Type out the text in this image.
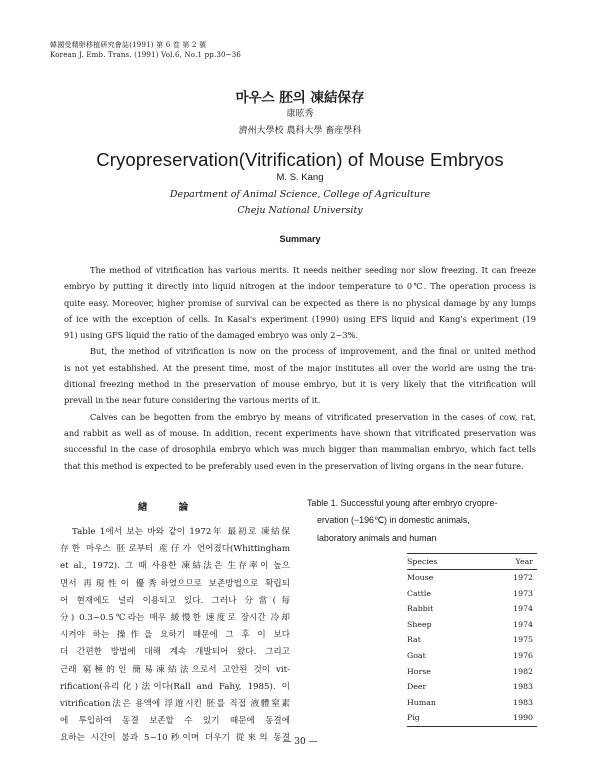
韓國受精卵移植硏究會誌(1991) 第 6 卷 第 2 號
Korean J. Emb. Trans. (1991) Vol.6, No.1 pp.30~36
마우스 胚의 凍結保存
康昡秀
濟州大學校 農科大學 畜産學科
Cryopreservation(Vitrification) of Mouse Embryos
M. S. Kang
Department of Animal Science, College of Agriculture
Cheju National University
Summary
The method of vitrification has various merits. It needs neither seeding nor slow freezing. It can freeze
embryo by putting it directly into liquid nitrogen at the indoor temperature to 0℃. The operation process is
quite easy. Moreover, higher promise of survival can be expected as there is no physical damage by any lumps
of ice with the exception of cells. In Kasal's experiment (1990) using EFS liquid and Kang's experiment (19
91) using GFS liquid the ratio of the damaged embryo was only 2~3%.
But, the method of vitrification is now on the process of improvement, and the final or united method
is not yet established. At the present time, most of the major institutes all over the world are using the tra-
ditional freezing method in the preservation of mouse embryo, but it is very likely that the vitrification will
prevall in the near future considering the various merits of it.
Calves can be begotten from the embryo by means of vitrificated preservation in the cases of cow, rat,
and rabbit as well as of mouse. In addition, recent experiments have shown that vitrificated preservation was
successful in the case of drosophila embryo which was much bigger than mammalian embryo, which fact tells
that this method is expected to be preferably used even in the preservation of living organs in the near future.
緖 論
Table 1에서 보는 바와 같이 1972年 最初로 凍結保
存한 마우스 胚로부터 産仔가 언어졌다(Whittingham
et al., 1972). 그 때 사용한 凍結法은 生存率이 높으
면서 再現性이 優秀하였으므로 보존방법으로 확립되
어 현재에도 널리 이용되고 있다. 그러나 分當(每
分) 0.3~0.5℃라는 매우 緩慢한 速度로 장시간 冷却
시켜야 하는 操作을 요하기 때문에 그 후 이 보다
더 간편한 방법에 대해 계속 개발되어 왔다. 그리고
근래 窮極的인 簡易凍結法으로서 고안된 것이 vit-
rification(유리化)法이다(Rall and Fahy, 1985). 이
vitrification法은 용액에 浮遊시킨 胚를 직접 液體窒素
에 투입하여 동결 보존할 수 있기 때문에 동결에
요하는 시간이 불과 5~10秒이며 더우기 從來의 동결
Table 1. Successful young after embryo cryopre-
ervation (−196℃) in domestic animals,
laboratory animals and human
Species	Year
Mouse	1972
Cattle	1973
Rabbit	1974
Sheep	1974
Rat	1975
Goat	1976
Horse	1982
Deer	1983
Human	1983
Pig	1990
— 30 —
